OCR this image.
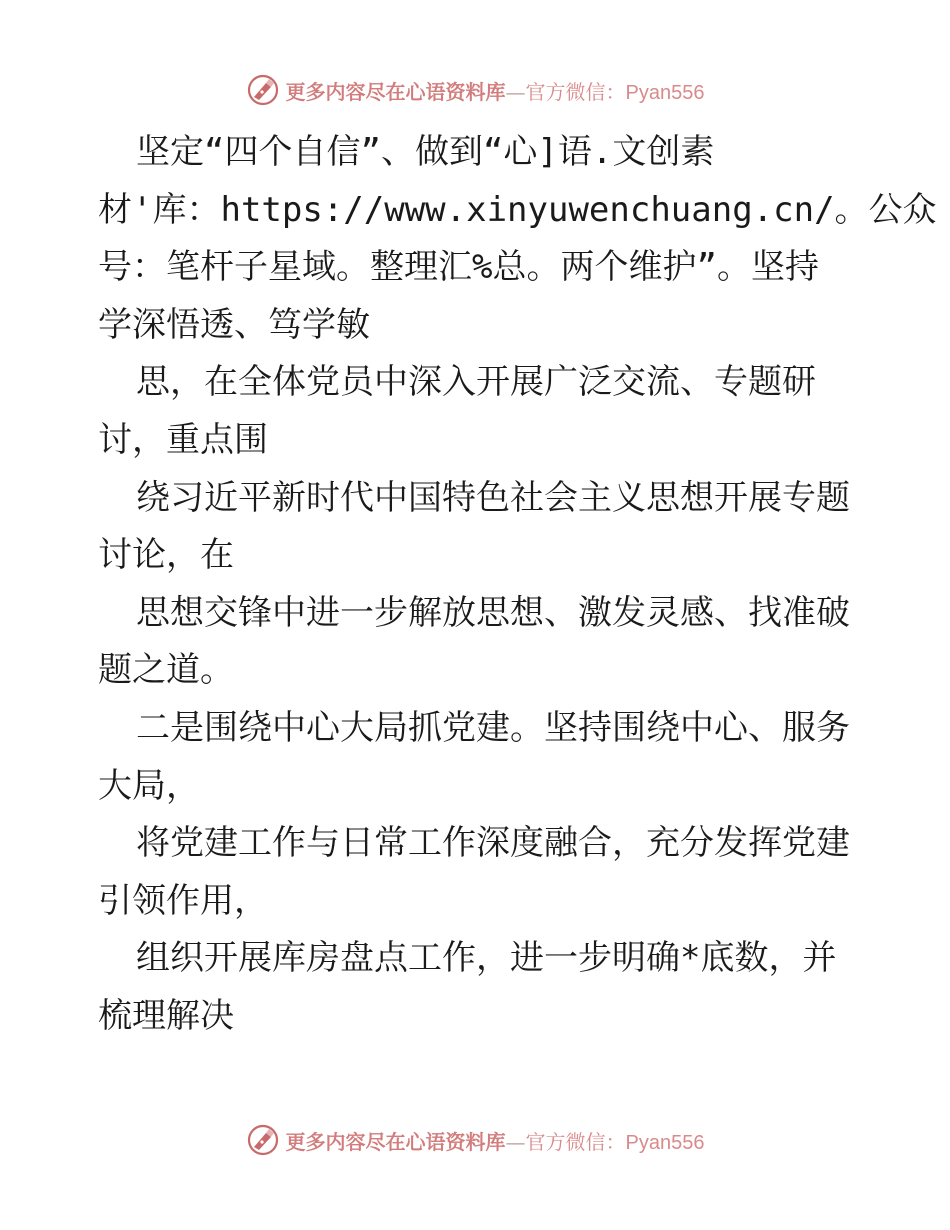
更多内容尽在心语资料库—官方微信：Pyan556
坚定“四个自信”、做到“心]语.文创素
材'库：https://www.xinyuwenchuang.cn/。公众
号：笔杆子星域。整理汇%总。两个维护”。坚持
学深悟透、笃学敏
思，在全体党员中深入开展广泛交流、专题研
讨，重点围
绕习近平新时代中国特色社会主义思想开展专题
讨论，在
思想交锋中进一步解放思想、激发灵感、找准破
题之道。
二是围绕中心大局抓党建。坚持围绕中心、服务
大局，
将党建工作与日常工作深度融合，充分发挥党建
引领作用，
组织开展库房盘点工作，进一步明确*底数，并
梳理解决
更多内容尽在心语资料库—官方微信：Pyan556
